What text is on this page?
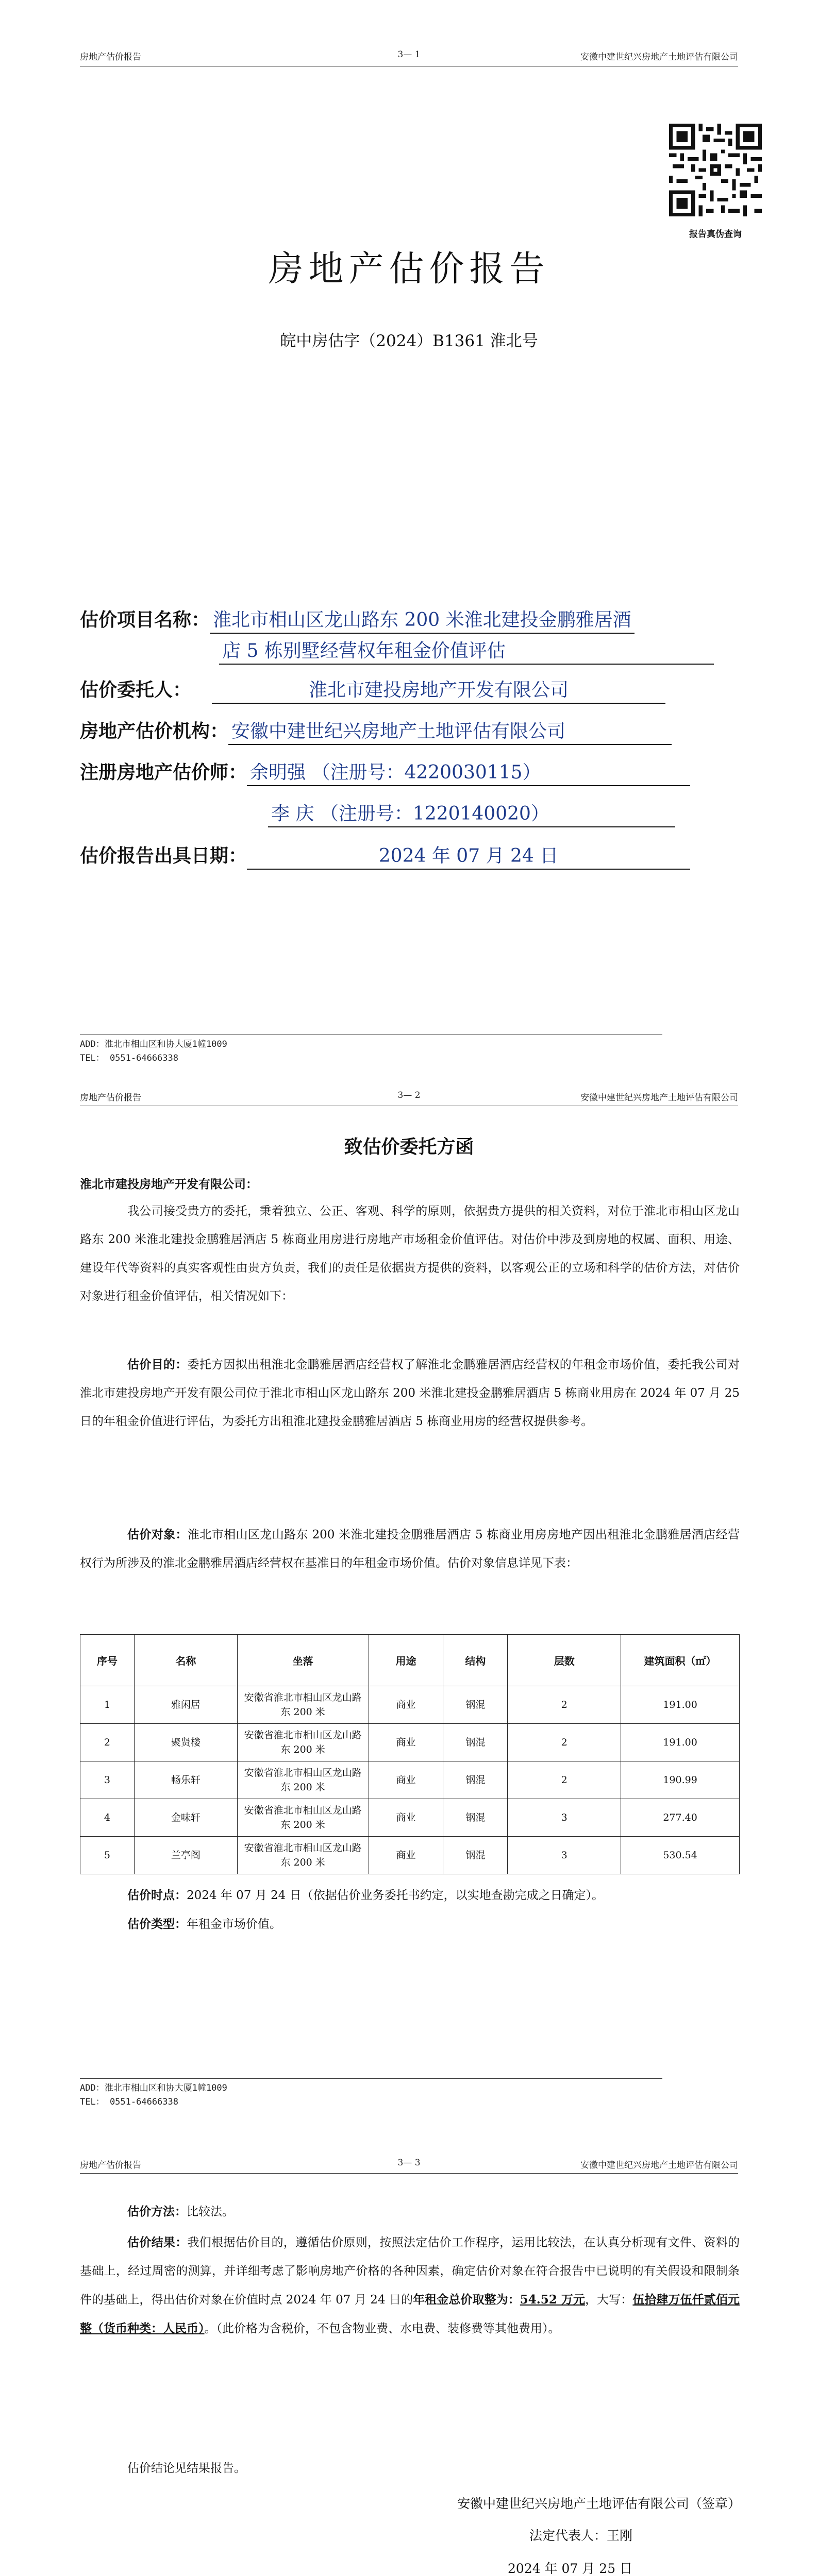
房地产估价报告	3— 1	安徽中建世纪兴房地产土地评估有限公司
报告真伪查询
房地产估价报告
皖中房估字（2024）B1361 淮北号
估价项目名称： 淮北市相山区龙山路东 200 米淮北建投金鹏雅居酒
店 5 栋别墅经营权年租金价值评估
估价委托人：	淮北市建投房地产开发有限公司
房地产估价机构： 安徽中建世纪兴房地产土地评估有限公司
注册房地产估价师： 余明强 （注册号：4220030115）
李 庆 （注册号：1220140020）
估价报告出具日期：	2024 年 07 月 24 日
ADD：淮北市相山区和协大厦1幢1009
TEL： 0551-64666338
房地产估价报告	3— 2	安徽中建世纪兴房地产土地评估有限公司
致估价委托方函
淮北市建投房地产开发有限公司：
我公司接受贵方的委托，秉着独立、公正、客观、科学的原则，依据贵方提供的相关资料，对位于淮北市相山区龙山路东 200 米淮北建投金鹏雅居酒店 5 栋商业用房进行房地产市场租金价值评估。对估价中涉及到房地的权属、面积、用途、建设年代等资料的真实客观性由贵方负责，我们的责任是依据贵方提供的资料，以客观公正的立场和科学的估价方法，对估价对象进行租金价值评估，相关情况如下：
估价目的：委托方因拟出租淮北金鹏雅居酒店经营权了解淮北金鹏雅居酒店经营权的年租金市场价值，委托我公司对淮北市建投房地产开发有限公司位于淮北市相山区龙山路东 200 米淮北建投金鹏雅居酒店 5 栋商业用房在 2024 年 07 月 25 日的年租金价值进行评估，为委托方出租淮北建投金鹏雅居酒店 5 栋商业用房的经营权提供参考。
估价对象：淮北市相山区龙山路东 200 米淮北建投金鹏雅居酒店 5 栋商业用房房地产因出租淮北金鹏雅居酒店经营权行为所涉及的淮北金鹏雅居酒店经营权在基准日的年租金市场价值。估价对象信息详见下表：
序号	名称	坐落	用途	结构	层数	建筑面积（㎡）
1	雅闲居	安徽省淮北市相山区龙山路东 200 米	商业	钢混	2	191.00
2	聚贤楼	安徽省淮北市相山区龙山路东 200 米	商业	钢混	2	191.00
3	畅乐轩	安徽省淮北市相山区龙山路东 200 米	商业	钢混	2	190.99
4	金味轩	安徽省淮北市相山区龙山路东 200 米	商业	钢混	3	277.40
5	兰亭阁	安徽省淮北市相山区龙山路东 200 米	商业	钢混	3	530.54
估价时点：2024 年 07 月 24 日（依据估价业务委托书约定，以实地查勘完成之日确定）。
估价类型：年租金市场价值。
ADD：淮北市相山区和协大厦1幢1009
TEL： 0551-64666338
房地产估价报告	3— 3	安徽中建世纪兴房地产土地评估有限公司
估价方法：比较法。
估价结果：我们根据估价目的，遵循估价原则，按照法定估价工作程序，运用比较法，在认真分析现有文件、资料的基础上，经过周密的测算，并详细考虑了影响房地产价格的各种因素，确定估价对象在符合报告中已说明的有关假设和限制条件的基础上，得出估价对象在价值时点 2024 年 07 月 24 日的年租金总价取整为：54.52 万元，大写：伍拾肆万伍仟贰佰元整（货币种类：人民币）。（此价格为含税价，不包含物业费、水电费、装修费等其他费用）。
估价结论见结果报告。
安徽中建世纪兴房地产土地评估有限公司（签章）
法定代表人：王刚
2024 年 07 月 25 日
